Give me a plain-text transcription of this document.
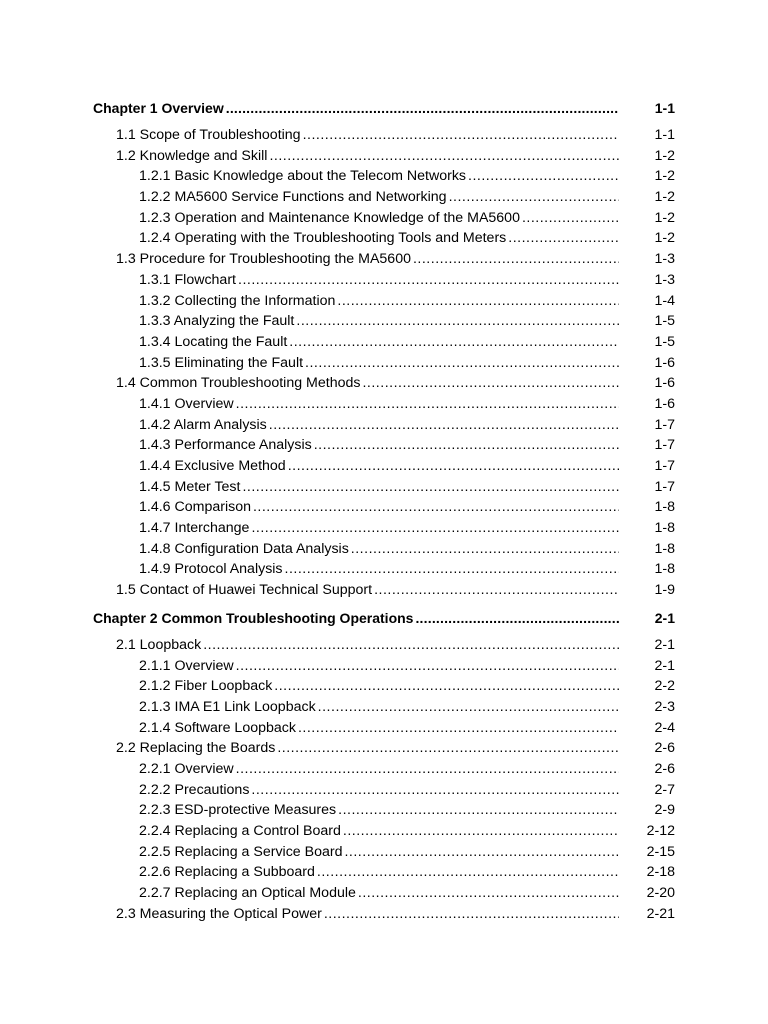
Chapter 1 Overview .....	1-1
1.1 Scope of Troubleshooting .....	1-1
1.2 Knowledge and Skill .....	1-2
1.2.1 Basic Knowledge about the Telecom Networks .....	1-2
1.2.2 MA5600 Service Functions and Networking .....	1-2
1.2.3 Operation and Maintenance Knowledge of the MA5600 .....	1-2
1.2.4 Operating with the Troubleshooting Tools and Meters .....	1-2
1.3 Procedure for Troubleshooting the MA5600 .....	1-3
1.3.1 Flowchart .....	1-3
1.3.2 Collecting the Information .....	1-4
1.3.3 Analyzing the Fault .....	1-5
1.3.4 Locating the Fault .....	1-5
1.3.5 Eliminating the Fault .....	1-6
1.4 Common Troubleshooting Methods .....	1-6
1.4.1 Overview .....	1-6
1.4.2 Alarm Analysis .....	1-7
1.4.3 Performance Analysis .....	1-7
1.4.4 Exclusive Method .....	1-7
1.4.5 Meter Test .....	1-7
1.4.6 Comparison .....	1-8
1.4.7 Interchange .....	1-8
1.4.8 Configuration Data Analysis .....	1-8
1.4.9 Protocol Analysis .....	1-8
1.5 Contact of Huawei Technical Support .....	1-9
Chapter 2 Common Troubleshooting Operations .....	2-1
2.1 Loopback .....	2-1
2.1.1 Overview .....	2-1
2.1.2 Fiber Loopback .....	2-2
2.1.3 IMA E1 Link Loopback .....	2-3
2.1.4 Software Loopback .....	2-4
2.2 Replacing the Boards .....	2-6
2.2.1 Overview .....	2-6
2.2.2 Precautions .....	2-7
2.2.3 ESD-protective Measures .....	2-9
2.2.4 Replacing a Control Board .....	2-12
2.2.5 Replacing a Service Board .....	2-15
2.2.6 Replacing a Subboard .....	2-18
2.2.7 Replacing an Optical Module .....	2-20
2.3 Measuring the Optical Power .....	2-21
